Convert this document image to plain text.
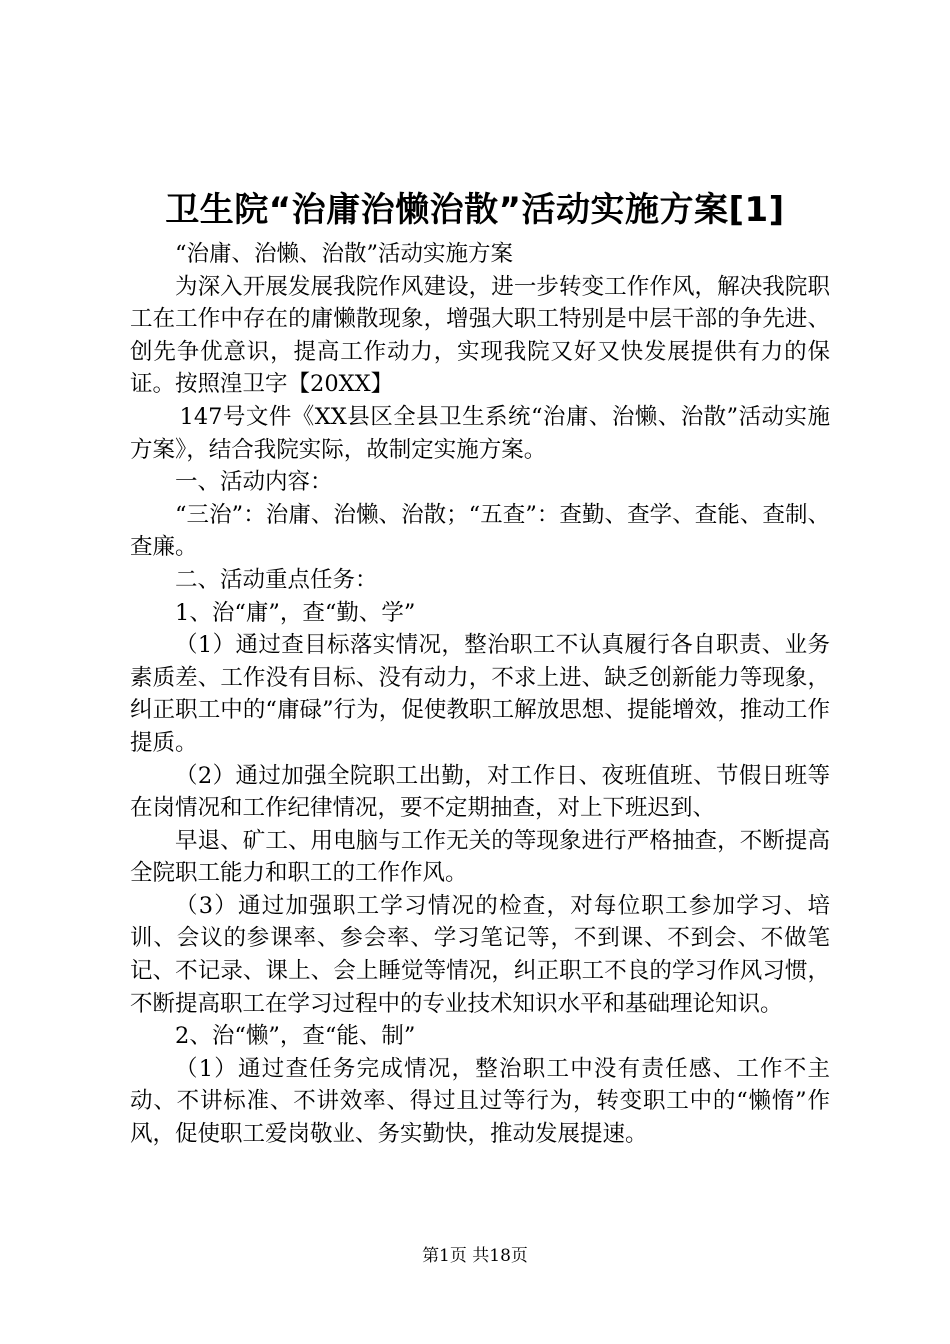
卫生院“治庸治懒治散”活动实施方案[1]

“治庸、治懒、治散”活动实施方案

为深入开展发展我院作风建设，进一步转变工作作风，解决我院职工在工作中存在的庸懒散现象，增强大职工特别是中层干部的争先进、创先争优意识，提高工作动力，实现我院又好又快发展提供有力的保证。按照湟卫字【20XX】

147号文件《XX县区全县卫生系统“治庸、治懒、治散”活动实施方案》，结合我院实际，故制定实施方案。

一、活动内容：

“三治”：治庸、治懒、治散；“五查”：查勤、查学、查能、查制、查廉。

二、活动重点任务：

1、治“庸”，查“勤、学”

（1）通过查目标落实情况，整治职工不认真履行各自职责、业务素质差、工作没有目标、没有动力，不求上进、缺乏创新能力等现象，纠正职工中的“庸碌”行为，促使教职工解放思想、提能增效，推动工作提质。

（2）通过加强全院职工出勤，对工作日、夜班值班、节假日班等在岗情况和工作纪律情况，要不定期抽查，对上下班迟到、

早退、矿工、用电脑与工作无关的等现象进行严格抽查，不断提高全院职工能力和职工的工作作风。

（3）通过加强职工学习情况的检查，对每位职工参加学习、培训、会议的参课率、参会率、学习笔记等，不到课、不到会、不做笔记、不记录、课上、会上睡觉等情况，纠正职工不良的学习作风习惯，不断提高职工在学习过程中的专业技术知识水平和基础理论知识。

2、治“懒”，查“能、制”

（1）通过查任务完成情况，整治职工中没有责任感、工作不主动、不讲标准、不讲效率、得过且过等行为，转变职工中的“懒惰”作风，促使职工爱岗敬业、务实勤快，推动发展提速。

第1页 共18页
